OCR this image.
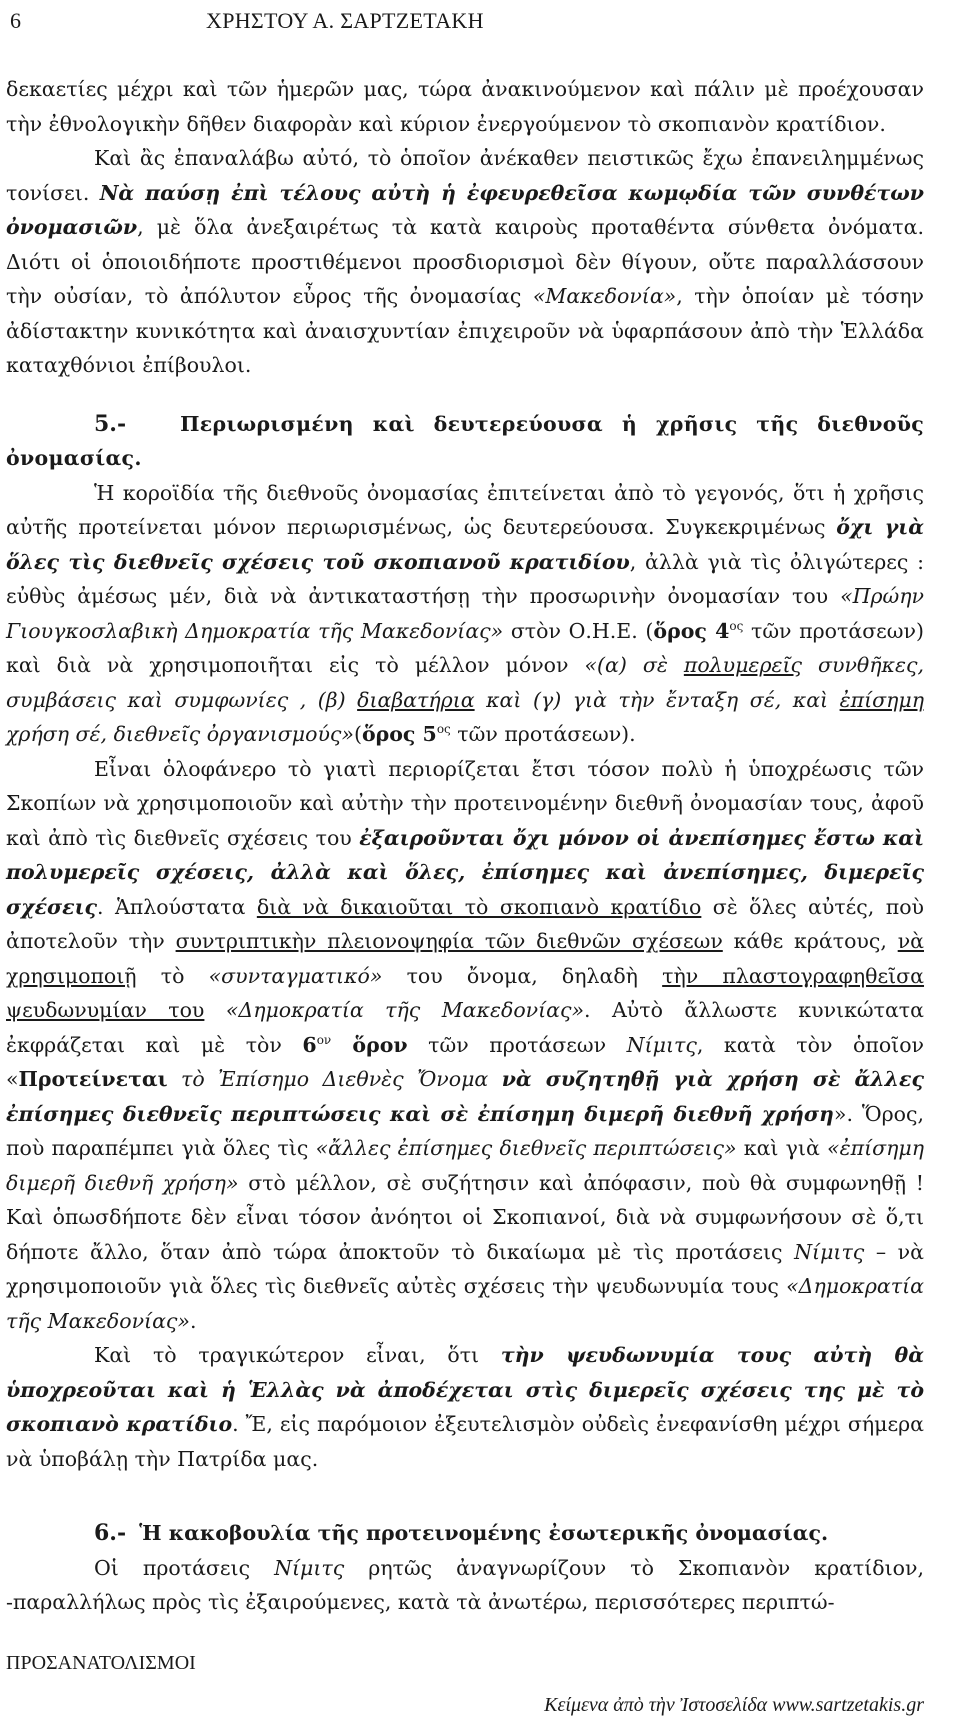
6	ΧΡΗΣΤΟΥ Α. ΣΑΡΤΖΕΤΑΚΗ

δεκαετίες μέχρι καὶ τῶν ἡμερῶν μας, τώρα ἀνακινούμενον καὶ πάλιν μὲ προέχουσαν τὴν ἐθνολογικὴν δῆθεν διαφορὰν καὶ κύριον ἐνεργούμενον τὸ σκοπιανὸν κρατίδιον.

Καὶ ἂς ἐπαναλάβω αὐτό, τὸ ὁποῖον ἀνέκαθεν πειστικῶς ἔχω ἐπανειλημμένως τονίσει. Νὰ παύσῃ ἐπὶ τέλους αὐτὴ ἡ ἐφευρεθεῖσα κωμῳδία τῶν συνθέτων ὀνομασιῶν, μὲ ὅλα ἀνεξαιρέτως τὰ κατὰ καιροὺς προταθέντα σύνθετα ὀνόματα. Διότι οἱ ὁποιοιδήποτε προστιθέμενοι προσδιορισμοὶ δὲν θίγουν, οὔτε παραλλάσσουν τὴν οὐσίαν, τὸ ἀπόλυτον εὖρος τῆς ὀνομασίας «Μακεδονία», τὴν ὁποίαν μὲ τόσην ἀδίστακτην κυνικότητα καὶ ἀναισχυντίαν ἐπιχειροῦν νὰ ὑφαρπάσουν ἀπὸ τὴν Ἑλλάδα καταχθόνιοι ἐπίβουλοι.

5.-	Περιωρισμένη καὶ δευτερεύουσα ἡ χρῆσις τῆς διεθνοῦς ὀνομασίας.

Ἡ κοροϊδία τῆς διεθνοῦς ὀνομασίας ἐπιτείνεται ἀπὸ τὸ γεγονός, ὅτι ἡ χρῆσις αὐτῆς προτείνεται μόνον περιωρισμένως, ὡς δευτερεύουσα. Συγκεκριμένως ὄχι γιὰ ὅλες τὶς διεθνεῖς σχέσεις τοῦ σκοπιανοῦ κρατιδίου, ἀλλὰ γιὰ τὶς ὀλιγώτερες : εὐθὺς ἀμέσως μέν, διὰ νὰ ἀντικαταστήσῃ τὴν προσωρινὴν ὀνομασίαν του «Πρώην Γιουγκοσλαβικὴ Δημοκρατία τῆς Μακεδονίας» στὸν Ο.Η.Ε. (ὅρος $4^{o\varsigma}$ τῶν προτάσεων) καὶ διὰ νὰ χρησιμοποιῆται εἰς τὸ μέλλον μόνον «(α) σὲ πολυμερεῖς συνθῆκες, συμβάσεις καὶ συμφωνίες , (β) διαβατήρια καὶ (γ) γιὰ τὴν ἔνταξη σέ, καὶ ἐπίσημη χρήση σέ, διεθνεῖς ὀργανισμούς»(ὅρος $5^{o\varsigma}$ τῶν προτάσεων).

Εἶναι ὁλοφάνερο τὸ γιατὶ περιορίζεται ἔτσι τόσον πολὺ ἡ ὑποχρέωσις τῶν Σκοπίων νὰ χρησιμοποιοῦν καὶ αὐτὴν τὴν προτεινομένην διεθνῆ ὀνομασίαν τους, ἀφοῦ καὶ ἀπὸ τὶς διεθνεῖς σχέσεις του ἐξαιροῦνται ὄχι μόνον οἱ ἀνεπίσημες ἔστω καὶ πολυμερεῖς σχέσεις, ἀλλὰ καὶ ὅλες, ἐπίσημες καὶ ἀνεπίσημες, διμερεῖς σχέσεις. Ἁπλούστατα διὰ νὰ δικαιοῦται τὸ σκοπιανὸ κρατίδιο σὲ ὅλες αὐτές, ποὺ ἀποτελοῦν τὴν συντριπτικὴν πλειονοψηφία τῶν διεθνῶν σχέσεων κάθε κράτους, νὰ χρησιμοποιῇ τὸ «συνταγματικό» του ὄνομα, δηλαδὴ τὴν πλαστογραφηθεῖσα ψευδωνυμίαν του «Δημοκρατία τῆς Μακεδονίας». Αὐτὸ ἄλλωστε κυνικώτατα ἐκφράζεται καὶ μὲ τὸν $6^{o\nu}$ ὅρον τῶν προτάσεων Νίμιτς, κατὰ τὸν ὁποῖον «Προτείνεται τὸ Ἐπίσημο Διεθνὲς Ὄνομα νὰ συζητηθῇ γιὰ χρήση σὲ ἄλλες ἐπίσημες διεθνεῖς περιπτώσεις καὶ σὲ ἐπίσημη διμερῆ διεθνῆ χρήση». Ὅρος, ποὺ παραπέμπει γιὰ ὅλες τὶς «ἄλλες ἐπίσημες διεθνεῖς περιπτώσεις» καὶ γιὰ «ἐπίσημη διμερῆ διεθνῆ χρήση» στὸ μέλλον, σὲ συζήτησιν καὶ ἀπόφασιν, ποὺ θὰ συμφωνηθῇ ! Καὶ ὁπωσδήποτε δὲν εἶναι τόσον ἀνόητοι οἱ Σκοπιανοί, διὰ νὰ συμφωνήσουν σὲ ὅ,τι δήποτε ἄλλο, ὅταν ἀπὸ τώρα ἀποκτοῦν τὸ δικαίωμα μὲ τὶς προτάσεις Νίμιτς – νὰ χρησιμοποιοῦν γιὰ ὅλες τὶς διεθνεῖς αὐτὲς σχέσεις τὴν ψευδωνυμία τους «Δημοκρατία τῆς Μακεδονίας».

Καὶ τὸ τραγικώτερον εἶναι, ὅτι τὴν ψευδωνυμία τους αὐτὴ θὰ ὑποχρεοῦται καὶ ἡ Ἑλλὰς νὰ ἀποδέχεται στὶς διμερεῖς σχέσεις της μὲ τὸ σκοπιανὸ κρατίδιο. Ἔ, εἰς παρόμοιον ἐξευτελισμὸν οὐδεὶς ἐνεφανίσθη μέχρι σήμερα νὰ ὑποβάλῃ τὴν Πατρίδα μας.

6.- Ἡ κακοβουλία τῆς προτεινομένης ἐσωτερικῆς ὀνομασίας.

Οἱ προτάσεις Νίμιτς ρητῶς ἀναγνωρίζουν τὸ Σκοπιανὸν κρατίδιον, -παραλλήλως πρὸς τὶς ἐξαιρούμενες, κατὰ τὰ ἀνωτέρω, περισσότερες περιπτώ-

ΠΡΟΣΑΝΑΤΟΛΙΣΜΟΙ
Κείμενα ἀπὸ τὴν Ἰστοσελίδα www.sartzetakis.gr
